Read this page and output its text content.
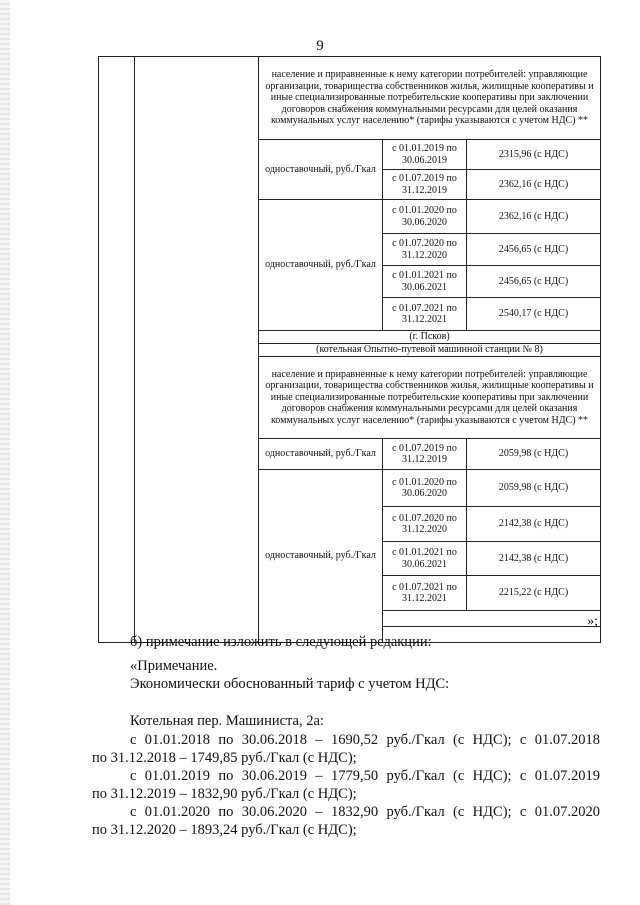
9
		население и приравненные к нему категории потребителей: управляющие организации, товарищества собственников жилья, жилищные кооперативы и иные специализированные потребительские кооперативы при заключении договоров снабжения коммунальными ресурсами для целей оказания коммунальных услуг населению* (тарифы указываются с учетом НДС) **		
		одноставочный, руб./Гкал	с 01.01.2019 по 30.06.2019	2315,96 (с НДС)
			с 01.07.2019 по 31.12.2019	2362,16 (с НДС)
		одноставочный, руб./Гкал	с 01.01.2020 по 30.06.2020	2362,16 (с НДС)
			с 01.07.2020 по 31.12.2020	2456,65 (с НДС)
			с 01.01.2021 по 30.06.2021	2456,65 (с НДС)
			с 01.07.2021 по 31.12.2021	2540,17 (с НДС)
		(г. Псков)		
		(котельная Опытно-путевой машинной станции № 8)		
		население и приравненные к нему категории потребителей: управляющие организации, товарищества собственников жилья, жилищные кооперативы и иные специализированные потребительские кооперативы при заключении договоров снабжения коммунальными ресурсами для целей оказания коммунальных услуг населению* (тарифы указываются с учетом НДС) **		
		одноставочный, руб./Гкал	с 01.07.2019 по 31.12.2019	2059,98 (с НДС)
		одноставочный, руб./Гкал	с 01.01.2020 по 30.06.2020	2059,98 (с НДС)
			с 01.07.2020 по 31.12.2020	2142,38 (с НДС)
			с 01.01.2021 по 30.06.2021	2142,38 (с НДС)
			с 01.07.2021 по 31.12.2021	2215,22 (с НДС)

»;
б) примечание изложить в следующей редакции:
«Примечание.
Экономически обоснованный тариф с учетом НДС:
Котельная пер. Машиниста, 2а:
с 01.01.2018 по 30.06.2018 – 1690,52 руб./Гкал (с НДС); с 01.07.2018
по 31.12.2018 – 1749,85 руб./Гкал (с НДС);
с 01.01.2019 по 30.06.2019 – 1779,50 руб./Гкал (с НДС); с 01.07.2019
по 31.12.2019 – 1832,90 руб./Гкал (с НДС);
с 01.01.2020 по 30.06.2020 – 1832,90 руб./Гкал (с НДС); с 01.07.2020
по 31.12.2020 – 1893,24 руб./Гкал (с НДС);
